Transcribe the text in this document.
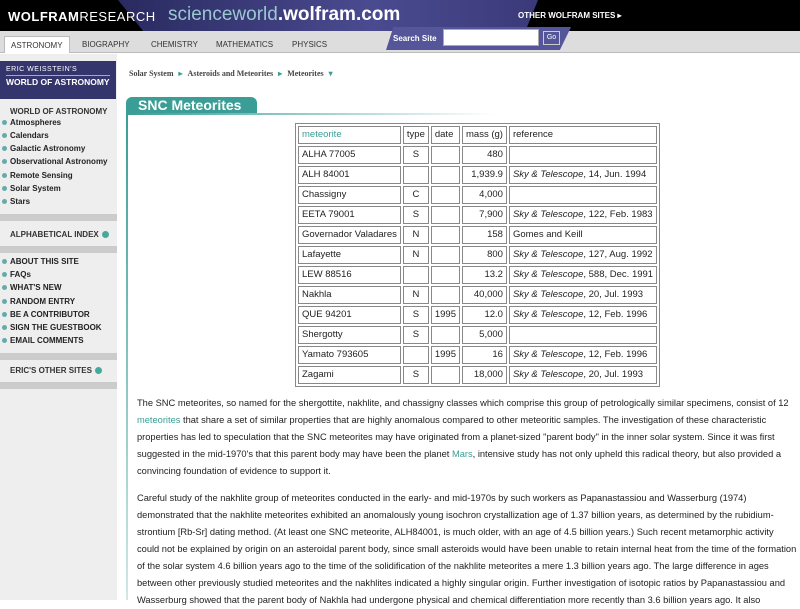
WOLFRAMRESEARCH scienceworld.wolfram.com	OTHER WOLFRAM SITES ▸
ASTRONOMY	BIOGRAPHY	CHEMISTRY MATHEMATICS PHYSICS
Search Site	Go
ERIC WEISSTEIN'S
WORLD OF ASTRONOMY
WORLD OF ASTRONOMY
Atmospheres
Calendars
Galactic Astronomy
Observational Astronomy
Remote Sensing
Solar System
Stars
ALPHABETICAL INDEX
ABOUT THIS SITE
FAQs
WHAT'S NEW
RANDOM ENTRY
BE A CONTRIBUTOR
SIGN THE GUESTBOOK
EMAIL COMMENTS
ERIC'S OTHER SITES
Solar System ▸ Asteroids and Meteorites ▸ Meteorites ▾
SNC Meteorites
meteorite	type	date	mass (g)	reference
ALHA 77005	S		480	
ALH 84001			1,939.9	Sky & Telescope, 14, Jun. 1994
Chassigny	C		4,000	
EETA 79001	S		7,900	Sky & Telescope, 122, Feb. 1983
Governador Valadares	N		158	Gomes and Keill
Lafayette	N		800	Sky & Telescope, 127, Aug. 1992
LEW 88516			13.2	Sky & Telescope, 588, Dec. 1991
Nakhla	N		40,000	Sky & Telescope, 20, Jul. 1993
QUE 94201	S	1995	12.0	Sky & Telescope, 12, Feb. 1996
Shergotty	S		5,000	
Yamato 793605		1995	16	Sky & Telescope, 12, Feb. 1996
Zagami	S		18,000	Sky & Telescope, 20, Jul. 1993

The SNC meteorites, so named for the shergottite, nakhlite, and chassigny classes which comprise this group of petrologically similar specimens, consist of 12 meteorites that share a set of similar properties that are highly anomalous compared to other meteoritic samples. The investigation of these characteristic properties has led to speculation that the SNC meteorites may have originated from a planet-sized "parent body" in the inner solar system. Since it was first suggested in the mid-1970's that this parent body may have been the planet Mars, intensive study has not only upheld this radical theory, but also provided a convincing foundation of evidence to support it.

Careful study of the nakhlite group of meteorites conducted in the early- and mid-1970s by such workers as Papanastassiou and Wasserburg (1974) demonstrated that the nakhlite meteorites exhibited an anomalously young isochron crystallization age of 1.37 billion years, as determined by the rubidium-strontium [Rb-Sr] dating method. (At least one SNC meteorite, ALH84001, is much older, with an age of 4.5 billion years.) Such recent metamorphic activity could not be explained by origin on an asteroidal parent body, since small asteroids would have been unable to retain internal heat from the time of the formation of the solar system 4.6 billion years ago to the time of the solidification of the nakhlite meteorites a mere 1.3 billion years ago. The large difference in ages between other previously studied meteorites and the nakhlites indicated a highly singular origin. Further investigation of isotopic ratios by Papanastassiou and Wasserburg showed that the parent body of Nakhla had undergone physical and chemical differentiation more recently than 3.6 billion years ago. It also
